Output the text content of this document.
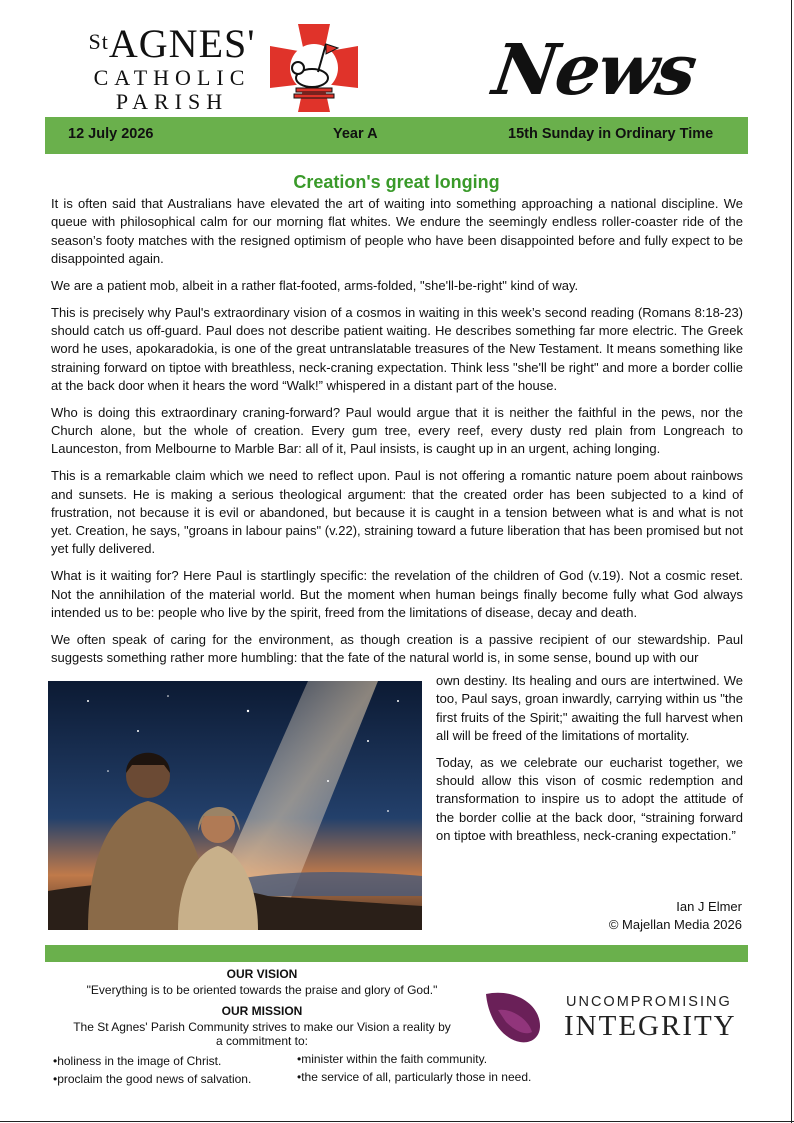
$^{St}$AGNES'
CATHOLIC
PARISH	News
12 July 2026	Year A	15th Sunday in Ordinary Time
Creation's great longing

It is often said that Australians have elevated the art of waiting into something approaching a national discipline. We queue with philosophical calm for our morning flat whites. We endure the seemingly endless roller-coaster ride of the season’s footy matches with the resigned optimism of people who have been disappointed before and fully expect to be disappointed again.

We are a patient mob, albeit in a rather flat-footed, arms-folded, "she'll-be-right" kind of way.

This is precisely why Paul's extraordinary vision of a cosmos in waiting in this week’s second reading (Romans 8:18-23) should catch us off-guard. Paul does not describe patient waiting. He describes something far more electric. The Greek word he uses, apokaradokia, is one of the great untranslatable treasures of the New Testament. It means something like straining forward on tiptoe with breathless, neck-craning expectation. Think less "she'll be right" and more a border collie at the back door when it hears the word “Walk!” whispered in a distant part of the house.

Who is doing this extraordinary craning-forward? Paul would argue that it is neither the faithful in the pews, nor the Church alone, but the whole of creation. Every gum tree, every reef, every dusty red plain from Longreach to Launceston, from Melbourne to Marble Bar: all of it, Paul insists, is caught up in an urgent, aching longing.

This is a remarkable claim which we need to reflect upon. Paul is not offering a romantic nature poem about rainbows and sunsets. He is making a serious theological argument: that the created order has been subjected to a kind of frustration, not because it is evil or abandoned, but because it is caught in a tension between what is and what is not yet. Creation, he says, "groans in labour pains" (v.22), straining toward a future liberation that has been promised but not yet fully delivered.

What is it waiting for? Here Paul is startlingly specific: the revelation of the children of God (v.19). Not a cosmic reset. Not the annihilation of the material world. But the moment when human beings finally become fully what God always intended us to be: people who live by the spirit, freed from the limitations of disease, decay and death.

We often speak of caring for the environment, as though creation is a passive recipient of our stewardship. Paul suggests something rather more humbling: that the fate of the natural world is, in some sense, bound up with our

own destiny. Its healing and ours are intertwined. We too, Paul says, groan inwardly, carrying within us "the first fruits of the Spirit;" awaiting the full harvest when all will be freed of the limitations of mortality.

Today, as we celebrate our eucharist together, we should allow this vison of cosmic redemption and transformation to inspire us to adopt the attitude of the border collie at the back door, “straining forward on tiptoe with breathless, neck-craning expectation.”

Ian J Elmer
© Majellan Media 2026
OUR VISION
"Everything is to be oriented towards the praise and glory of God."
OUR MISSION
The St Agnes' Parish Community strives to make our Vision a reality by
a commitment to:
• holiness in the image of Christ.
• proclaim the good news of salvation.
• minister within the faith community.
• the service of all, particularly those in need.
UNCOMPROMISING
INTEGRITY
